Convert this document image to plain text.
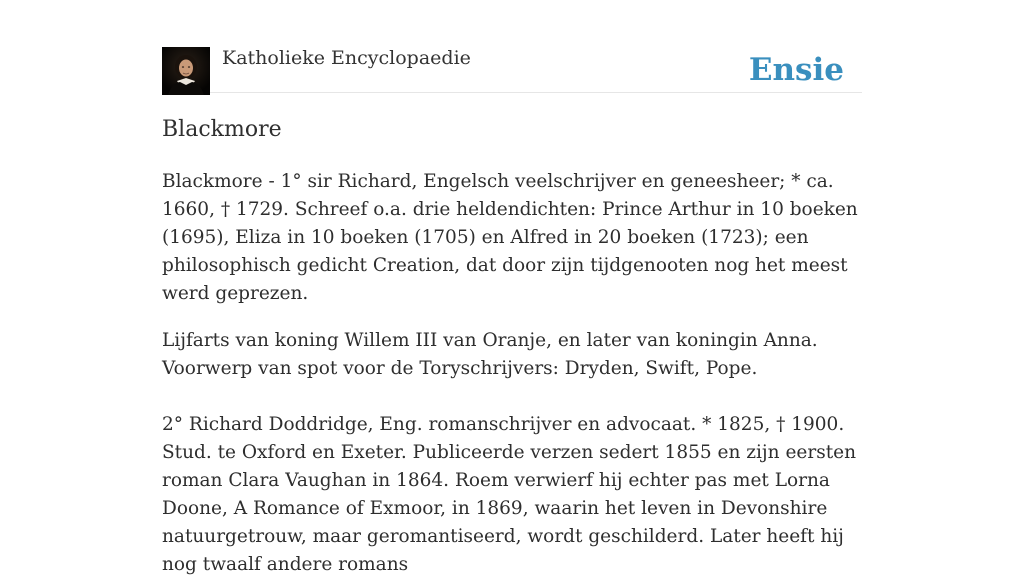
Katholieke Encyclopaedie	Ensie
Blackmore

Blackmore - 1° sir Richard, Engelsch veelschrijver en geneesheer; * ca. 1660, † 1729. Schreef o.a. drie heldendichten: Prince Arthur in 10 boeken (1695), Eliza in 10 boeken (1705) en Alfred in 20 boeken (1723); een philosophisch gedicht Creation, dat door zijn tijdgenooten nog het meest werd geprezen.

Lijfarts van koning Willem III van Oranje, en later van koningin Anna. Voorwerp van spot voor de Toryschrijvers: Dryden, Swift, Pope.

2° Richard Doddridge, Eng. romanschrijver en advocaat. * 1825, † 1900. Stud. te Oxford en Exeter. Publiceerde verzen sedert 1855 en zijn eersten roman Clara Vaughan in 1864. Roem verwierf hij echter pas met Lorna Doone, A Romance of Exmoor, in 1869, waarin het leven in Devonshire natuurgetrouw, maar geromantiseerd, wordt geschilderd. Later heeft hij nog twaalf andere romans
